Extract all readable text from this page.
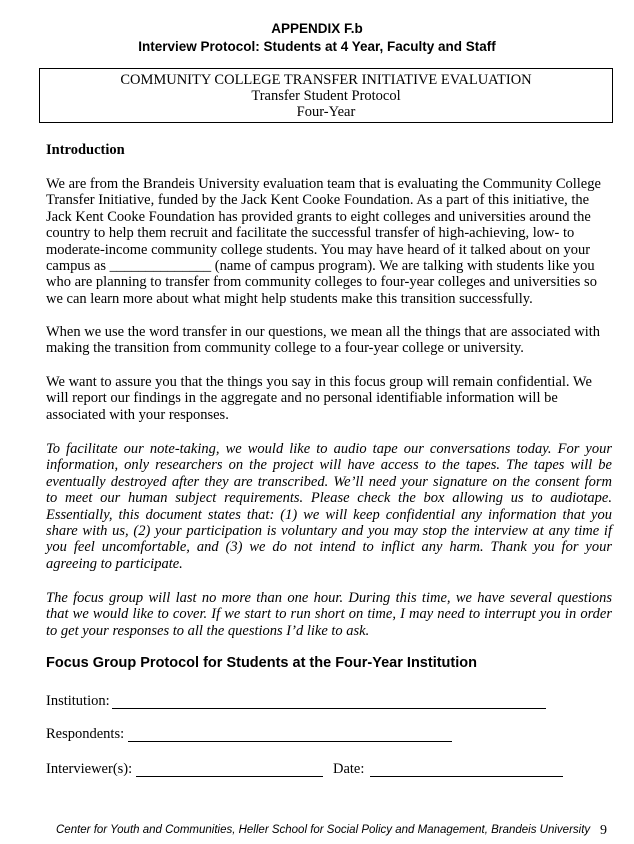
APPENDIX F.b
Interview Protocol: Students at 4 Year, Faculty and Staff
COMMUNITY COLLEGE TRANSFER INITIATIVE EVALUATION
Transfer Student Protocol
Four-Year
Introduction
We are from the Brandeis University evaluation team that is evaluating the Community College
Transfer Initiative, funded by the Jack Kent Cooke Foundation. As a part of this initiative, the
Jack Kent Cooke Foundation has provided grants to eight colleges and universities around the
country to help them recruit and facilitate the successful transfer of high-achieving, low- to
moderate-income community college students. You may have heard of it talked about on your
campus as ______________ (name of campus program). We are talking with students like you
who are planning to transfer from community colleges to four-year colleges and universities so
we can learn more about what might help students make this transition successfully.
When we use the word transfer in our questions, we mean all the things that are associated with
making the transition from community college to a four-year college or university.
We want to assure you that the things you say in this focus group will remain confidential. We
will report our findings in the aggregate and no personal identifiable information will be
associated with your responses.
To facilitate our note-taking, we would like to audio tape our conversations today. For your
information, only researchers on the project will have access to the tapes. The tapes will be
eventually destroyed after they are transcribed. We’ll need your signature on the consent form
to meet our human subject requirements. Please check the box allowing us to audiotape.
Essentially, this document states that: (1) we will keep confidential any information that you
share with us, (2) your participation is voluntary and you may stop the interview at any time if
you feel uncomfortable, and (3) we do not intend to inflict any harm. Thank you for your
agreeing to participate.
The focus group will last no more than one hour. During this time, we have several questions
that we would like to cover. If we start to run short on time, I may need to interrupt you in order
to get your responses to all the questions I’d like to ask.
Focus Group Protocol for Students at the Four-Year Institution
Institution:
Respondents:
Interviewer(s):	Date:
Center for Youth and Communities, Heller School for Social Policy and Management, Brandeis University 9
